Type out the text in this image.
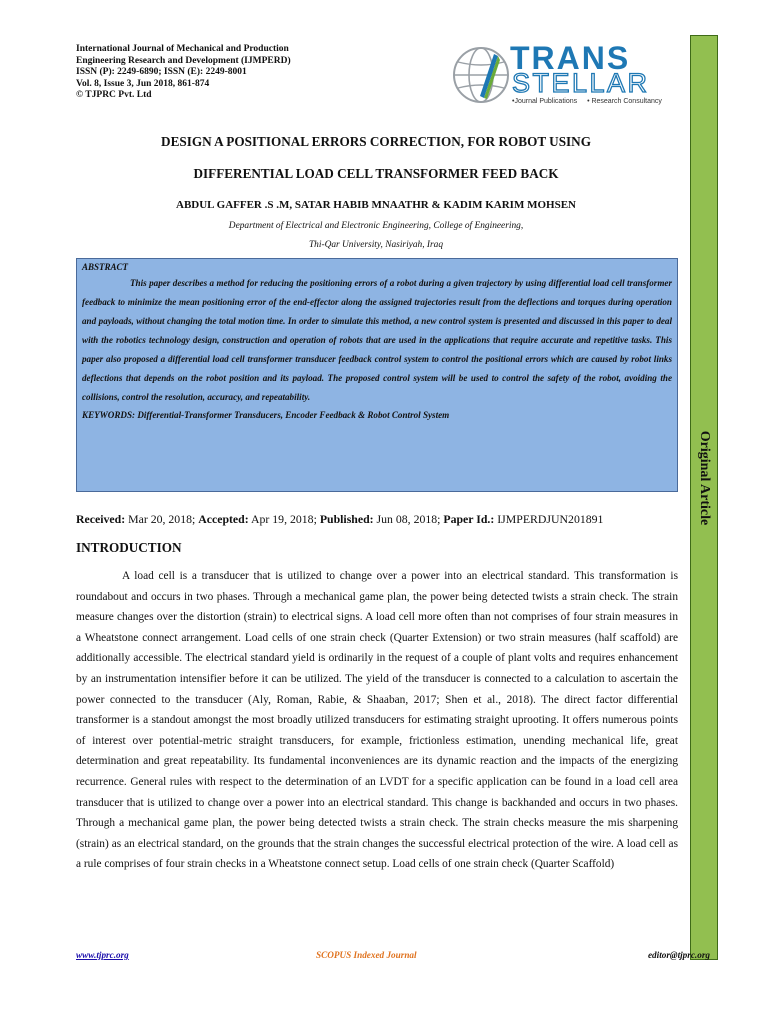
International Journal of Mechanical and Production
Engineering Research and Development (IJMPERD)
ISSN (P): 2249-6890; ISSN (E): 2249-8001
Vol. 8, Issue 3, Jun 2018, 861-874
© TJPRC Pvt. Ltd
TRANS
STELLAR
•Journal Publications • Research Consultancy
Original Article
DESIGN A POSITIONAL ERRORS CORRECTION, FOR ROBOT USING
DIFFERENTIAL LOAD CELL TRANSFORMER FEED BACK
ABDUL GAFFER .S .M, SATAR HABIB MNAATHR & KADIM KARIM MOHSEN
Department of Electrical and Electronic Engineering, College of Engineering,
Thi-Qar University, Nasiriyah, Iraq

ABSTRACT

This paper describes a method for reducing the positioning errors of a robot during a given trajectory by using differential load cell transformer feedback to minimize the mean positioning error of the end-effector along the assigned trajectories result from the deflections and torques during operation and payloads, without changing the total motion time. In order to simulate this method, a new control system is presented and discussed in this paper to deal with the robotics technology design, construction and operation of robots that are used in the applications that require accurate and repetitive tasks. This paper also proposed a differential load cell transformer transducer feedback control system to control the positional errors which are caused by robot links deflections that depends on the robot position and its payload. The proposed control system will be used to control the safety of the robot, avoiding the collisions, control the resolution, accuracy, and repeatability.

KEYWORDS: Differential-Transformer Transducers, Encoder Feedback & Robot Control System

Received: Mar 20, 2018; Accepted: Apr 19, 2018; Published: Jun 08, 2018; Paper Id.: IJMPERDJUN201891
INTRODUCTION

A load cell is a transducer that is utilized to change over a power into an electrical standard. This transformation is roundabout and occurs in two phases. Through a mechanical game plan, the power being detected twists a strain check. The strain measure changes over the distortion (strain) to electrical signs. A load cell more often than not comprises of four strain measures in a Wheatstone connect arrangement. Load cells of one strain check (Quarter Extension) or two strain measures (half scaffold) are additionally accessible. The electrical standard yield is ordinarily in the request of a couple of plant volts and requires enhancement by an instrumentation intensifier before it can be utilized. The yield of the transducer is connected to a calculation to ascertain the power connected to the transducer (Aly, Roman, Rabie, & Shaaban, 2017; Shen et al., 2018). The direct factor differential transformer is a standout amongst the most broadly utilized transducers for estimating straight uprooting. It offers numerous points of interest over potential-metric straight transducers, for example, frictionless estimation, unending mechanical life, great determination and great repeatability. Its fundamental inconveniences are its dynamic reaction and the impacts of the energizing recurrence. General rules with respect to the determination of an LVDT for a specific application can be found in a load cell area transducer that is utilized to change over a power into an electrical standard. This change is backhanded and occurs in two phases. Through a mechanical game plan, the power being detected twists a strain check. The strain checks measure the mis sharpening (strain) as an electrical standard, on the grounds that the strain changes the successful electrical protection of the wire. A load cell as a rule comprises of four strain checks in a Wheatstone connect setup. Load cells of one strain check (Quarter Scaffold)

www.tjprc.org	SCOPUS Indexed Journal	editor@tjprc.org
